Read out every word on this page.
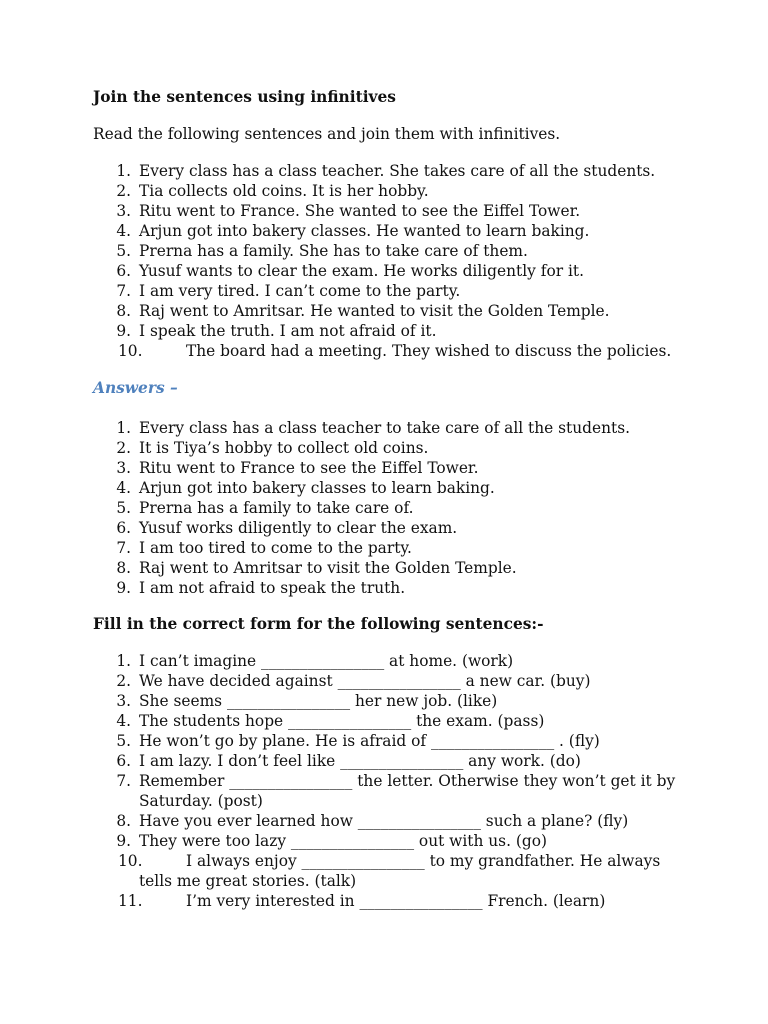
Join the sentences using infinitives

Read the following sentences and join them with infinitives.

1. Every class has a class teacher. She takes care of all the students.
2. Tia collects old coins. It is her hobby.
3. Ritu went to France. She wanted to see the Eiffel Tower.
4. Arjun got into bakery classes. He wanted to learn baking.
5. Prerna has a family. She has to take care of them.
6. Yusuf wants to clear the exam. He works diligently for it.
7. I am very tired. I can’t come to the party.
8. Raj went to Amritsar. He wanted to visit the Golden Temple.
9. I speak the truth. I am not afraid of it.
10.	The board had a meeting. They wished to discuss the policies.

Answers –

1. Every class has a class teacher to take care of all the students.
2. It is Tiya’s hobby to collect old coins.
3. Ritu went to France to see the Eiffel Tower.
4. Arjun got into bakery classes to learn baking.
5. Prerna has a family to take care of.
6. Yusuf works diligently to clear the exam.
7. I am too tired to come to the party.
8. Raj went to Amritsar to visit the Golden Temple.
9. I am not afraid to speak the truth.
Fill in the correct form for the following sentences:-
1. I can’t imagine ________________ at home. (work)
2. We have decided against ________________ a new car. (buy)
3. She seems ________________ her new job. (like)
4. The students hope ________________ the exam. (pass)
5. He won’t go by plane. He is afraid of ________________ . (fly)
6. I am lazy. I don’t feel like ________________ any work. (do)
7. Remember ________________ the letter. Otherwise they won’t get it by Saturday. (post)
8. Have you ever learned how ________________ such a plane? (fly)
9. They were too lazy ________________ out with us. (go)
10.	I always enjoy ________________ to my grandfather. He always tells me great stories. (talk)
11.	I’m very interested in ________________ French. (learn)
